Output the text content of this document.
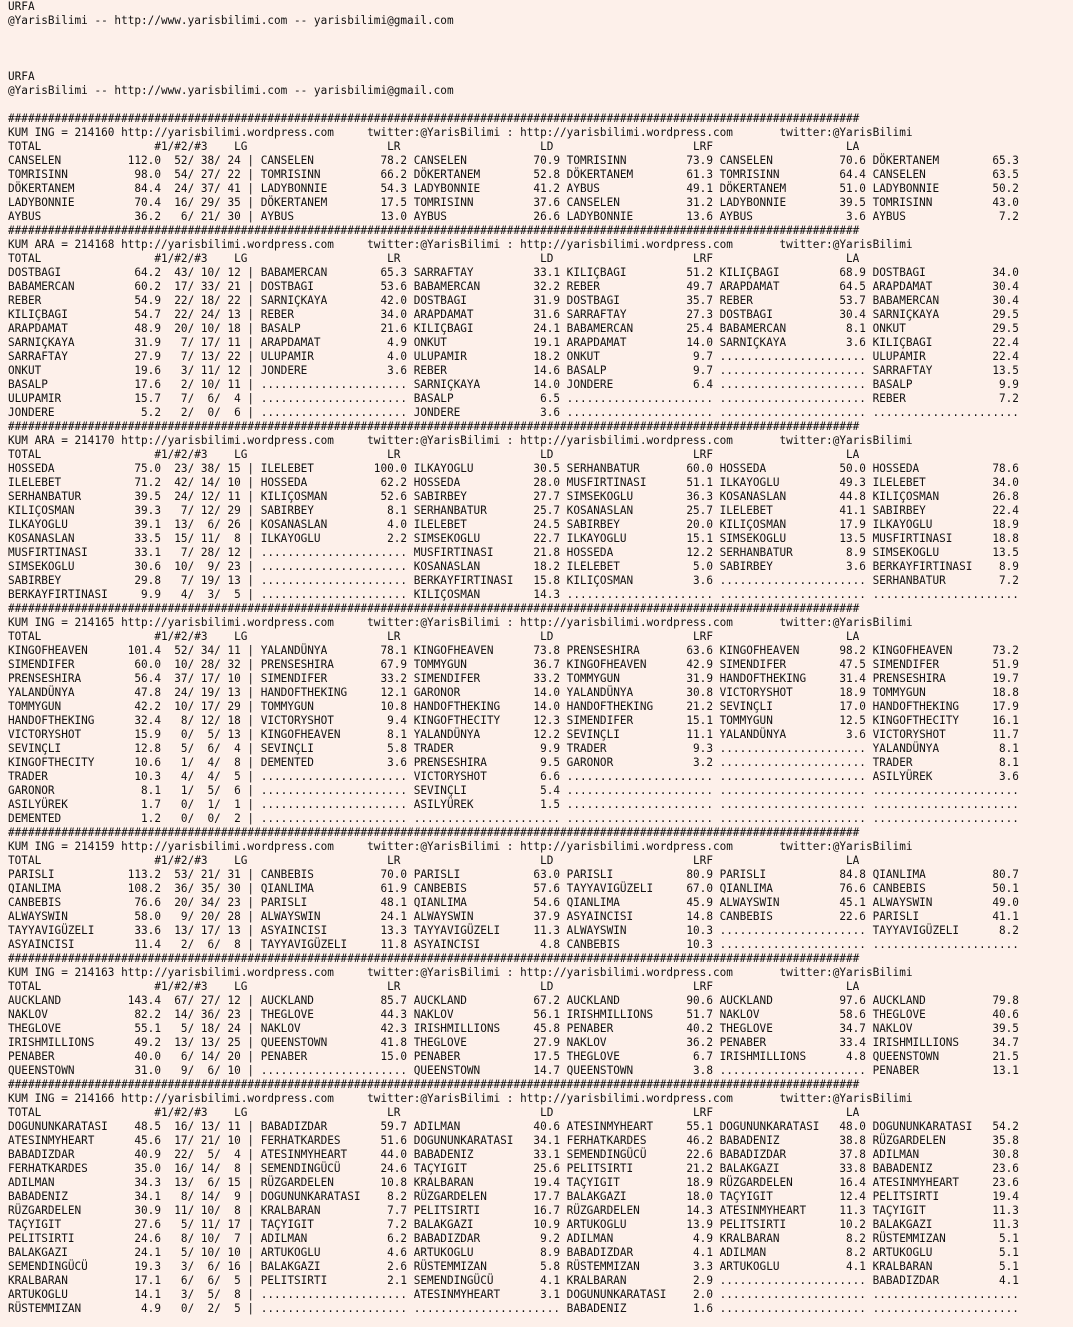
URFA
@YarisBilimi -- http://www.yarisbilimi.com -- yarisbilimi@gmail.com
URFA
@YarisBilimi -- http://www.yarisbilimi.com -- yarisbilimi@gmail.com

################################################################################################################################
KUM ING = 214160 http://yarisbilimi.wordpress.com     twitter:@YarisBilimi : http://yarisbilimi.wordpress.com       twitter:@YarisBilimi
TOTAL                 #1/#2/#3    LG                     LR                     LD                     LRF                    LA
CANSELEN          112.0  52/ 38/ 24 | CANSELEN          78.2 CANSELEN          70.9 TOMRISINN         73.9 CANSELEN          70.6 DÖKERTANEM        65.3
TOMRISINN          98.0  54/ 27/ 22 | TOMRISINN         66.2 DÖKERTANEM        52.8 DÖKERTANEM        61.3 TOMRISINN         64.4 CANSELEN          63.5
DÖKERTANEM         84.4  24/ 37/ 41 | LADYBONNIE        54.3 LADYBONNIE        41.2 AYBUS             49.1 DÖKERTANEM        51.0 LADYBONNIE        50.2
LADYBONNIE         70.4  16/ 29/ 35 | DÖKERTANEM        17.5 TOMRISINN         37.6 CANSELEN          31.2 LADYBONNIE        39.5 TOMRISINN         43.0
AYBUS              36.2   6/ 21/ 30 | AYBUS             13.0 AYBUS             26.6 LADYBONNIE        13.6 AYBUS              3.6 AYBUS              7.2
################################################################################################################################
KUM ARA = 214168 http://yarisbilimi.wordpress.com     twitter:@YarisBilimi : http://yarisbilimi.wordpress.com       twitter:@YarisBilimi
TOTAL                 #1/#2/#3    LG                     LR                     LD                     LRF                    LA
DOSTBAGI           64.2  43/ 10/ 12 | BABAMERCAN        65.3 SARRAFTAY         33.1 KILIÇBAGI         51.2 KILIÇBAGI         68.9 DOSTBAGI          34.0
BABAMERCAN         60.2  17/ 33/ 21 | DOSTBAGI          53.6 BABAMERCAN        32.2 REBER             49.7 ARAPDAMAT         64.5 ARAPDAMAT         30.4
REBER              54.9  22/ 18/ 22 | SARNIÇKAYA        42.0 DOSTBAGI          31.9 DOSTBAGI          35.7 REBER             53.7 BABAMERCAN        30.4
KILIÇBAGI          54.7  22/ 24/ 13 | REBER             34.0 ARAPDAMAT         31.6 SARRAFTAY         27.3 DOSTBAGI          30.4 SARNIÇKAYA        29.5
ARAPDAMAT          48.9  20/ 10/ 18 | BASALP            21.6 KILIÇBAGI         24.1 BABAMERCAN        25.4 BABAMERCAN         8.1 ONKUT             29.5
SARNIÇKAYA         31.9   7/ 17/ 11 | ARAPDAMAT          4.9 ONKUT             19.1 ARAPDAMAT         14.0 SARNIÇKAYA         3.6 KILIÇBAGI         22.4
SARRAFTAY          27.9   7/ 13/ 22 | ULUPAMIR           4.0 ULUPAMIR          18.2 ONKUT              9.7 ...................... ULUPAMIR          22.4
ONKUT              19.6   3/ 11/ 12 | JONDERE            3.6 REBER             14.6 BASALP             9.7 ...................... SARRAFTAY         13.5
BASALP             17.6   2/ 10/ 11 | ...................... SARNIÇKAYA        14.0 JONDERE            6.4 ...................... BASALP             9.9
ULUPAMIR           15.7   7/  6/  4 | ...................... BASALP             6.5 ...................... ...................... REBER              7.2
JONDERE             5.2   2/  0/  6 | ...................... JONDERE            3.6 ...................... ...................... ......................
################################################################################################################################
KUM ARA = 214170 http://yarisbilimi.wordpress.com     twitter:@YarisBilimi : http://yarisbilimi.wordpress.com       twitter:@YarisBilimi
TOTAL                 #1/#2/#3    LG                     LR                     LD                     LRF                    LA
HOSSEDA            75.0  23/ 38/ 15 | ILELEBET         100.0 ILKAYOGLU         30.5 SERHANBATUR       60.0 HOSSEDA           50.0 HOSSEDA           78.6
ILELEBET           71.2  42/ 14/ 10 | HOSSEDA           62.2 HOSSEDA           28.0 MUSFIRTINASI      51.1 ILKAYOGLU         49.3 ILELEBET          34.0
SERHANBATUR        39.5  24/ 12/ 11 | KILIÇOSMAN        52.6 SABIRBEY          27.7 SIMSEKOGLU        36.3 KOSANASLAN        44.8 KILIÇOSMAN        26.8
KILIÇOSMAN         39.3   7/ 12/ 29 | SABIRBEY           8.1 SERHANBATUR       25.7 KOSANASLAN        25.7 ILELEBET          41.1 SABIRBEY          22.4
ILKAYOGLU          39.1  13/  6/ 26 | KOSANASLAN         4.0 ILELEBET          24.5 SABIRBEY          20.0 KILIÇOSMAN        17.9 ILKAYOGLU         18.9
KOSANASLAN         33.5  15/ 11/  8 | ILKAYOGLU          2.2 SIMSEKOGLU        22.7 ILKAYOGLU         15.1 SIMSEKOGLU        13.5 MUSFIRTINASI      18.8
MUSFIRTINASI       33.1   7/ 28/ 12 | ...................... MUSFIRTINASI      21.8 HOSSEDA           12.2 SERHANBATUR        8.9 SIMSEKOGLU        13.5
SIMSEKOGLU         30.6  10/  9/ 23 | ...................... KOSANASLAN        18.2 ILELEBET           5.0 SABIRBEY           3.6 BERKAYFIRTINASI    8.9
SABIRBEY           29.8   7/ 19/ 13 | ...................... BERKAYFIRTINASI   15.8 KILIÇOSMAN         3.6 ...................... SERHANBATUR        7.2
BERKAYFIRTINASI     9.9   4/  3/  5 | ...................... KILIÇOSMAN        14.3 ...................... ...................... ......................
################################################################################################################################
KUM ING = 214165 http://yarisbilimi.wordpress.com     twitter:@YarisBilimi : http://yarisbilimi.wordpress.com       twitter:@YarisBilimi
TOTAL                 #1/#2/#3    LG                     LR                     LD                     LRF                    LA
KINGOFHEAVEN      101.4  52/ 34/ 11 | YALANDÜNYA        78.1 KINGOFHEAVEN      73.8 PRENSESHIRA       63.6 KINGOFHEAVEN      98.2 KINGOFHEAVEN      73.2
SIMENDIFER         60.0  10/ 28/ 32 | PRENSESHIRA       67.9 TOMMYGUN          36.7 KINGOFHEAVEN      42.9 SIMENDIFER        47.5 SIMENDIFER        51.9
PRENSESHIRA        56.4  37/ 17/ 10 | SIMENDIFER        33.2 SIMENDIFER        33.2 TOMMYGUN          31.9 HANDOFTHEKING     31.4 PRENSESHIRA       19.7
YALANDÜNYA         47.8  24/ 19/ 13 | HANDOFTHEKING     12.1 GARONOR           14.0 YALANDÜNYA        30.8 VICTORYSHOT       18.9 TOMMYGUN          18.8
TOMMYGUN           42.2  10/ 17/ 29 | TOMMYGUN          10.8 HANDOFTHEKING     14.0 HANDOFTHEKING     21.2 SEVINÇLI          17.0 HANDOFTHEKING     17.9
HANDOFTHEKING      32.4   8/ 12/ 18 | VICTORYSHOT        9.4 KINGOFTHECITY     12.3 SIMENDIFER        15.1 TOMMYGUN          12.5 KINGOFTHECITY     16.1
VICTORYSHOT        15.9   0/  5/ 13 | KINGOFHEAVEN       8.1 YALANDÜNYA        12.2 SEVINÇLI          11.1 YALANDÜNYA         3.6 VICTORYSHOT       11.7
SEVINÇLI           12.8   5/  6/  4 | SEVINÇLI           5.8 TRADER             9.9 TRADER             9.3 ...................... YALANDÜNYA         8.1
KINGOFTHECITY      10.6   1/  4/  8 | DEMENTED           3.6 PRENSESHIRA        9.5 GARONOR            3.2 ...................... TRADER             8.1
TRADER             10.3   4/  4/  5 | ...................... VICTORYSHOT        6.6 ...................... ...................... ASILYÜREK          3.6
GARONOR             8.1   1/  5/  6 | ...................... SEVINÇLI           5.4 ...................... ...................... ......................
ASILYÜREK           1.7   0/  1/  1 | ...................... ASILYÜREK          1.5 ...................... ...................... ......................
DEMENTED            1.2   0/  0/  2 | ...................... ...................... ...................... ...................... ......................
################################################################################################################################
KUM ING = 214159 http://yarisbilimi.wordpress.com     twitter:@YarisBilimi : http://yarisbilimi.wordpress.com       twitter:@YarisBilimi
TOTAL                 #1/#2/#3    LG                     LR                     LD                     LRF                    LA
PARISLI           113.2  53/ 21/ 31 | CANBEBIS          70.0 PARISLI           63.0 PARISLI           80.9 PARISLI           84.8 QIANLIMA          80.7
QIANLIMA          108.2  36/ 35/ 30 | QIANLIMA          61.9 CANBEBIS          57.6 TAYYAVIGÜZELI     67.0 QIANLIMA          76.6 CANBEBIS          50.1
CANBEBIS           76.6  20/ 34/ 23 | PARISLI           48.1 QIANLIMA          54.6 QIANLIMA          45.9 ALWAYSWIN         45.1 ALWAYSWIN         49.0
ALWAYSWIN          58.0   9/ 20/ 28 | ALWAYSWIN         24.1 ALWAYSWIN         37.9 ASYAINCISI        14.8 CANBEBIS          22.6 PARISLI           41.1
TAYYAVIGÜZELI      33.6  13/ 17/ 13 | ASYAINCISI        13.3 TAYYAVIGÜZELI     11.3 ALWAYSWIN         10.3 ...................... TAYYAVIGÜZELI      8.2
ASYAINCISI         11.4   2/  6/  8 | TAYYAVIGÜZELI     11.8 ASYAINCISI         4.8 CANBEBIS          10.3 ...................... ......................
################################################################################################################################
KUM ING = 214163 http://yarisbilimi.wordpress.com     twitter:@YarisBilimi : http://yarisbilimi.wordpress.com       twitter:@YarisBilimi
TOTAL                 #1/#2/#3    LG                     LR                     LD                     LRF                    LA
AUCKLAND          143.4  67/ 27/ 12 | AUCKLAND          85.7 AUCKLAND          67.2 AUCKLAND          90.6 AUCKLAND          97.6 AUCKLAND          79.8
NAKLOV             82.2  14/ 36/ 23 | THEGLOVE          44.3 NAKLOV            56.1 IRISHMILLIONS     51.7 NAKLOV            58.6 THEGLOVE          40.6
THEGLOVE           55.1   5/ 18/ 24 | NAKLOV            42.3 IRISHMILLIONS     45.8 PENABER           40.2 THEGLOVE          34.7 NAKLOV            39.5
IRISHMILLIONS      49.2  13/ 13/ 25 | QUEENSTOWN        41.8 THEGLOVE          27.9 NAKLOV            36.2 PENABER           33.4 IRISHMILLIONS     34.7
PENABER            40.0   6/ 14/ 20 | PENABER           15.0 PENABER           17.5 THEGLOVE           6.7 IRISHMILLIONS      4.8 QUEENSTOWN        21.5
QUEENSTOWN         31.0   9/  6/ 10 | ...................... QUEENSTOWN        14.7 QUEENSTOWN         3.8 ...................... PENABER           13.1
################################################################################################################################
KUM ING = 214166 http://yarisbilimi.wordpress.com     twitter:@YarisBilimi : http://yarisbilimi.wordpress.com       twitter:@YarisBilimi
TOTAL                 #1/#2/#3    LG                     LR                     LD                     LRF                    LA
DOGUNUNKARATASI    48.5  16/ 13/ 11 | BABADIZDAR        59.7 ADILMAN           40.6 ATESINMYHEART     55.1 DOGUNUNKARATASI   48.0 DOGUNUNKARATASI   54.2
ATESINMYHEART      45.6  17/ 21/ 10 | FERHATKARDES      51.6 DOGUNUNKARATASI   34.1 FERHATKARDES      46.2 BABADENIZ         38.8 RÜZGARDELEN       35.8
BABADIZDAR         40.9  22/  5/  4 | ATESINMYHEART     44.0 BABADENIZ         33.1 SEMENDINGÜCÜ      22.6 BABADIZDAR        37.8 ADILMAN           30.8
FERHATKARDES       35.0  16/ 14/  8 | SEMENDINGÜCÜ      24.6 TAÇYIGIT          25.6 PELITSIRTI        21.2 BALAKGAZI         33.8 BABADENIZ         23.6
ADILMAN            34.3  13/  6/ 15 | RÜZGARDELEN       10.8 KRALBARAN         19.4 TAÇYIGIT          18.9 RÜZGARDELEN       16.4 ATESINMYHEART     23.6
BABADENIZ          34.1   8/ 14/  9 | DOGUNUNKARATASI    8.2 RÜZGARDELEN       17.7 BALAKGAZI         18.0 TAÇYIGIT          12.4 PELITSIRTI        19.4
RÜZGARDELEN        30.9  11/ 10/  8 | KRALBARAN          7.7 PELITSIRTI        16.7 RÜZGARDELEN       14.3 ATESINMYHEART     11.3 TAÇYIGIT          11.3
TAÇYIGIT           27.6   5/ 11/ 17 | TAÇYIGIT           7.2 BALAKGAZI         10.9 ARTUKOGLU         13.9 PELITSIRTI        10.2 BALAKGAZI         11.3
PELITSIRTI         24.6   8/ 10/  7 | ADILMAN            6.2 BABADIZDAR         9.2 ADILMAN            4.9 KRALBARAN          8.2 RÜSTEMMIZAN        5.1
BALAKGAZI          24.1   5/ 10/ 10 | ARTUKOGLU          4.6 ARTUKOGLU          8.9 BABADIZDAR         4.1 ADILMAN            8.2 ARTUKOGLU          5.1
SEMENDINGÜCÜ       19.3   3/  6/ 16 | BALAKGAZI          2.6 RÜSTEMMIZAN        5.8 RÜSTEMMIZAN        3.3 ARTUKOGLU          4.1 KRALBARAN          5.1
KRALBARAN          17.1   6/  6/  5 | PELITSIRTI         2.1 SEMENDINGÜCÜ       4.1 KRALBARAN          2.9 ...................... BABADIZDAR         4.1
ARTUKOGLU          14.1   3/  5/  8 | ...................... ATESINMYHEART      3.1 DOGUNUNKARATASI    2.0 ...................... ......................
RÜSTEMMIZAN         4.9   0/  2/  5 | ...................... ...................... BABADENIZ          1.6 ...................... ......................
